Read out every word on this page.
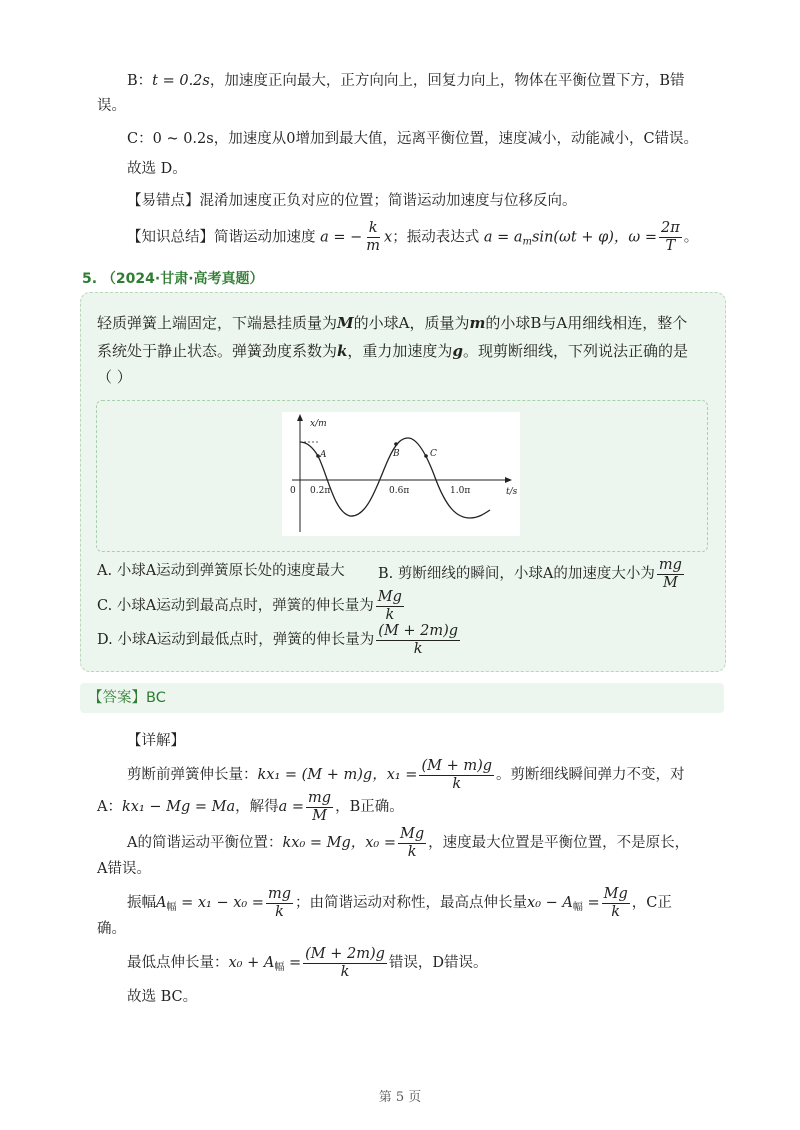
B：t = 0.2s，加速度正向最大，正方向向上，回复力向上，物体在平衡位置下方，B错
误。
C：0 ~ 0.2s，加速度从0增加到最大值，远离平衡位置，速度减小，动能减小，C错误。
故选 D。
【易错点】混淆加速度正负对应的位置；简谐运动加速度与位移反向。
【知识总结】简谐运动加速度 a = − $\frac{k}{m}$ x；振动表达式 $a = a_m\sin(\omega t + \varphi)$，$\omega = \frac{2\pi}{T}$ 。
5. （2024·甘肃·高考真题）
轻质弹簧上端固定，下端悬挂质量为M的小球A，质量为m的小球B与A用细线相连，整个
系统处于静止状态。弹簧劲度系数为k，重力加速度为g。现剪断细线，下列说法正确的是
（ ）
x/m
t/s
0 0.2π	0.6π	1.0π
A	B	C
A. 小球A运动到弹簧原长处的速度最大 B. 剪断细线的瞬间，小球A的加速度大小为 $\frac{mg}{M}$
C. 小球A运动到最高点时，弹簧的伸长量为 $\frac{Mg}{k}$
D. 小球A运动到最低点时，弹簧的伸长量为 $\frac{(M + 2m)g}{k}$
【答案】BC
【详解】
剪断前弹簧伸长量：kx₁ = (M + m)g，$x_1 = \frac{(M + m)g}{k}$ 。剪断细线瞬间弹力不变，对
A：kx₁ − Mg = Ma，解得$a = \frac{mg}{M}$ ，B正确。
A的简谐运动平衡位置：kx₀ = Mg，$x_0 = \frac{Mg}{k}$ ，速度最大位置是平衡位置，不是原长，
A错误。
振幅$A_幅 = x_1 - x_0 = \frac{mg}{k}$ ；由简谐运动对称性，最高点伸长量$x_0 - A_幅 = \frac{Mg}{k}$ ，C正
确。
最低点伸长量：$x_0 + A_幅 = \frac{(M + 2m)g}{k}$ 错误，D错误。
故选 BC。
第 5 页
